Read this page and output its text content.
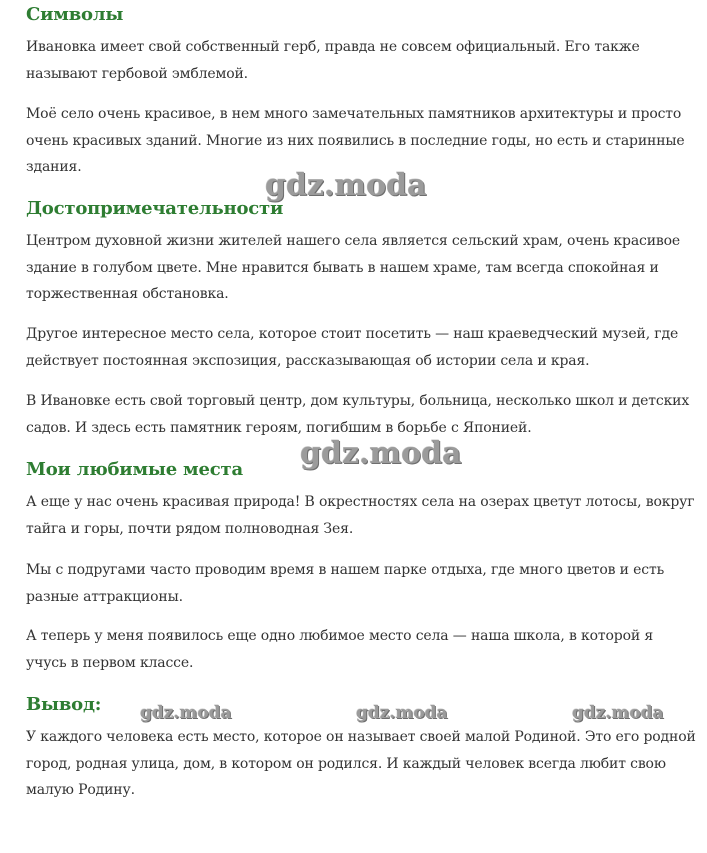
Символы

Ивановка имеет свой собственный герб, правда не совсем официальный. Его также называют гербовой эмблемой.

Моё село очень красивое, в нем много замечательных памятников архитектуры и просто очень красивых зданий. Многие из них появились в последние годы, но есть и старинные здания.

Достопримечательности

Центром духовной жизни жителей нашего села является сельский храм, очень красивое здание в голубом цвете. Мне нравится бывать в нашем храме, там всегда спокойная и торжественная обстановка.

Другое интересное место села, которое стоит посетить — наш краеведческий музей, где действует постоянная экспозиция, рассказывающая об истории села и края.

В Ивановке есть свой торговый центр, дом культуры, больница, несколько школ и детских садов. И здесь есть памятник героям, погибшим в борьбе с Японией.

Мои любимые места

А еще у нас очень красивая природа! В окрестностях села на озерах цветут лотосы, вокруг тайга и горы, почти рядом полноводная Зея.

Мы с подругами часто проводим время в нашем парке отдыха, где много цветов и есть разные аттракционы.

А теперь у меня появилось еще одно любимое место села — наша школа, в которой я учусь в первом классе.

Вывод:

У каждого человека есть место, которое он называет своей малой Родиной. Это его родной город, родная улица, дом, в котором он родился. И каждый человек всегда любит свою малую Родину.

gdz.moda
gdz.moda
gdz.moda	gdz.moda	gdz.moda
